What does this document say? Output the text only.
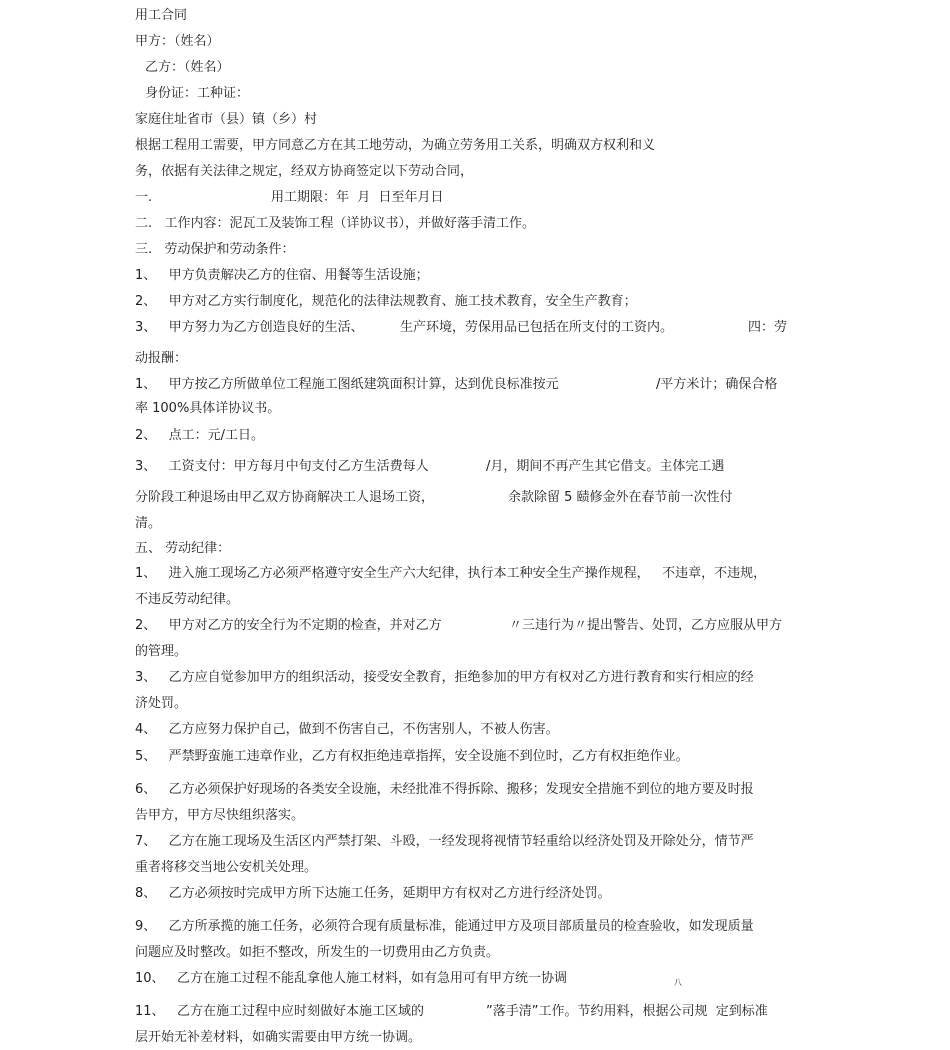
用工合同
甲方：（姓名）
乙方：（姓名）
身份证：工种证：
家庭住址省市（县）镇（乡）村
根据工程用工需要，甲方同意乙方在其工地劳动，为确立劳务用工关系，明确双方权利和义
务，依据有关法律之规定，经双方协商签定以下劳动合同，
一.	用工期限：年  月  日至年月日
二.   工作内容：泥瓦工及装饰工程（详协议书），并做好落手清工作。
三.   劳动保护和劳动条件：
1、   甲方负责解决乙方的住宿、用餐等生活设施；
2、   甲方对乙方实行制度化，规范化的法律法规教育、施工技术教育，安全生产教育；
3、   甲方努力为乙方创造良好的生活、	生产环境，劳保用品已包括在所支付的工资内。	四：劳
动报酬：
1、   甲方按乙方所做单位工程施工图纸建筑面积计算，达到优良标准按元	/平方米计；确保合格
率 100%具体详协议书。
2、   点工：元/工日。
3、   工资支付：甲方每月中旬支付乙方生活费每人	/月，期间不再产生其它借支。主体完工遇
分阶段工种退场由甲乙双方协商解决工人退场工资，	余款除留 5 赜修金外在春节前一次性付
清。
五、 劳动纪律：
1、   进入施工现场乙方必须严格遵守安全生产六大纪律，执行本工种安全生产操作规程，   不违章，不违规，
不违反劳动纪律。
2、   甲方对乙方的安全行为不定期的检查，并对乙方	〃三违行为〃提出警告、处罚，乙方应服从甲方
的管理。
3、   乙方应自觉参加甲方的组织活动，接受安全教育，拒绝参加的甲方有权对乙方进行教育和实行相应的经
济处罚。
4、   乙方应努力保护自己，做到不伤害自己，不伤害别人，不被人伤害。
5、   严禁野蛮施工违章作业，乙方有权拒绝违章指挥，安全设施不到位时，乙方有权拒绝作业。
6、   乙方必须保护好现场的各类安全设施，未经批准不得拆除、搬移；发现安全措施不到位的地方要及时报
告甲方，甲方尽快组织落实。
7、   乙方在施工现场及生活区内严禁打架、斗殴，一经发现将视情节轻重给以经济处罚及开除处分，情节严
重者将移交当地公安机关处理。
8、   乙方必须按时完成甲方所下达施工任务，延期甲方有权对乙方进行经济处罚。
9、   乙方所承揽的施工任务，必须符合现有质量标准，能通过甲方及项目部质量员的检查验收，如发现质量
问题应及时整改。如拒不整改，所发生的一切费用由乙方负责。
10、   乙方在施工过程不能乱拿他人施工材料，如有急用可有甲方统一协调	八
11、   乙方在施工过程中应时刻做好本施工区域的	”落手清”工作。节约用料，根据公司规  定到标准
层开始无补差材料，如确实需要由甲方统一协调。
